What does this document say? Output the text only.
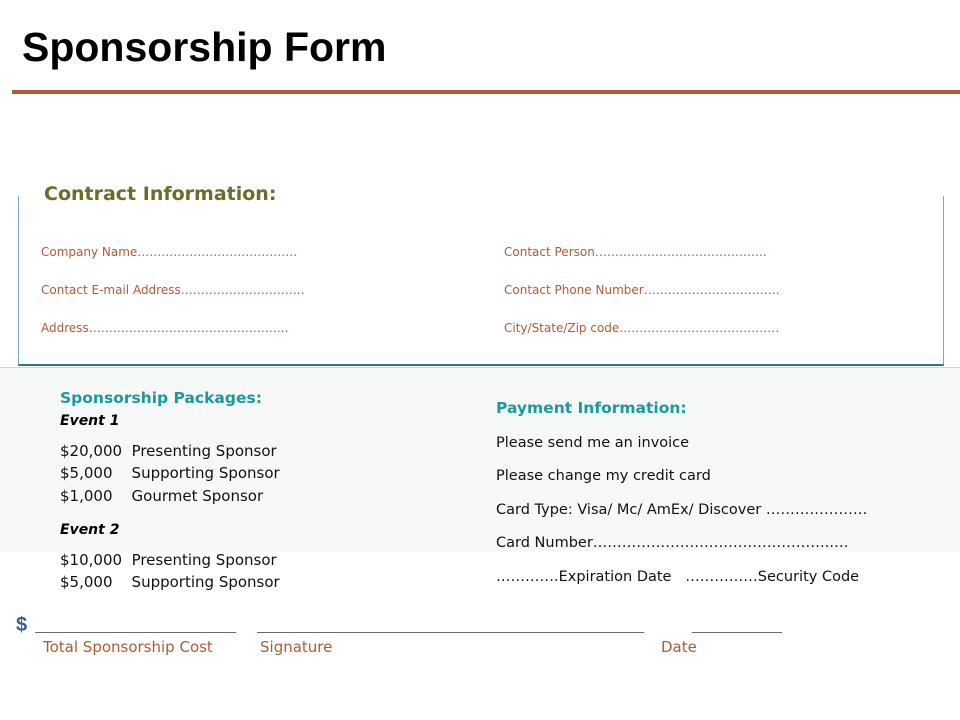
Sponsorship Form
Contract Information:
Company Name………………………………….	Contact Person…………………………………….
Contact E-mail Address………………………….	Contact Phone Number…………………………….
Address…………………………………………..	City/State/Zip code………………………………….
Sponsorship Packages:
Event 1
$20,000  Presenting Sponsor
$5,000    Supporting Sponsor
$1,000    Gourmet Sponsor
Event 2
$10,000  Presenting Sponsor
$5,000    Supporting Sponsor
Payment Information:
Please send me an invoice
Please change my credit card
Card Type: Visa/ Mc/ AmEx/ Discover …………………
Card Number…………………………………………..…
………….Expiration Date   ……………Security Code
$
Total Sponsorship Cost	Signature	Date
